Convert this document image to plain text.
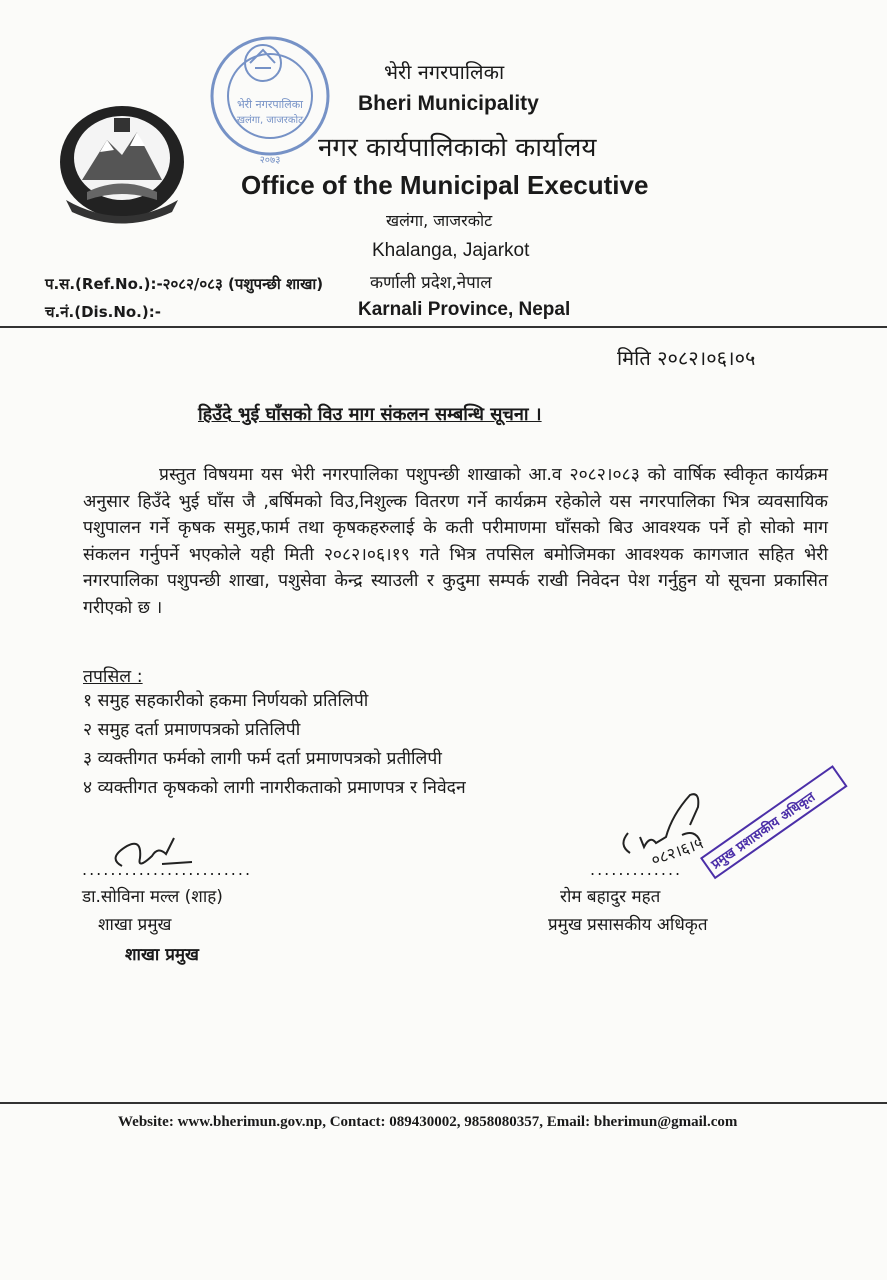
भेरी नगरपालिका
खलंगा, जाजरकोट
२०७३
भेरी नगरपालिका
Bheri Municipality
नगर कार्यपालिकाको कार्यालय
Office of the Municipal Executive
खलंगा, जाजरकोट
Khalanga, Jajarkot
कर्णाली प्रदेश,नेपाल
Karnali Province, Nepal
प.स.(Ref.No.):-२०८२/०८३ (पशुपन्छी शाखा)
च.नं.(Dis.No.):-
मिति २०८२।०६।०५
हिउँदे भुई घाँसको विउ माग संकलन सम्बन्धि सूचना ।
प्रस्तुत विषयमा यस भेरी नगरपालिका पशुपन्छी शाखाको आ.व २०८२।०८३ को वार्षिक स्वीकृत कार्यक्रम अनुसार हिउँदे भुई घाँस जै ,बर्षिमको विउ,निशुल्क वितरण गर्ने कार्यक्रम रहेकोले यस नगरपालिका भित्र व्यवसायिक पशुपालन गर्ने कृषक समुह,फार्म तथा कृषकहरुलाई के कती परीमाणमा घाँसको बिउ आवश्यक पर्ने हो सोको माग संकलन गर्नुपर्ने भएकोले यही मिती २०८२।०६।१९ गते भित्र तपसिल बमोजिमका आवश्यक कागजात सहित भेरी नगरपालिका पशुपन्छी शाखा, पशुसेवा केन्द्र स्याउली र कुदुमा सम्पर्क राखी निवेदन पेश गर्नुहुन यो सूचना प्रकासित गरीएको छ ।
तपसिल :
१ समुह सहकारीको हकमा निर्णयको प्रतिलिपी
२ समुह दर्ता प्रमाणपत्रको प्रतिलिपी
३ व्यक्तीगत फर्मको लागी फर्म दर्ता प्रमाणपत्रको प्रतीलिपी
४ व्यक्तीगत कृषकको लागी नागरीकताको प्रमाणपत्र र निवेदन
........................
डा.सोविना मल्ल (शाह)
शाखा प्रमुख
शाखा प्रमुख
०८२।६।५
.............
रोम बहादुर महत
प्रमुख प्रसासकीय अधिकृत
प्रमुख प्रशासकीय अधिकृत
Website: www.bherimun.gov.np, Contact: 089430002, 9858080357, Email: bherimun@gmail.com
